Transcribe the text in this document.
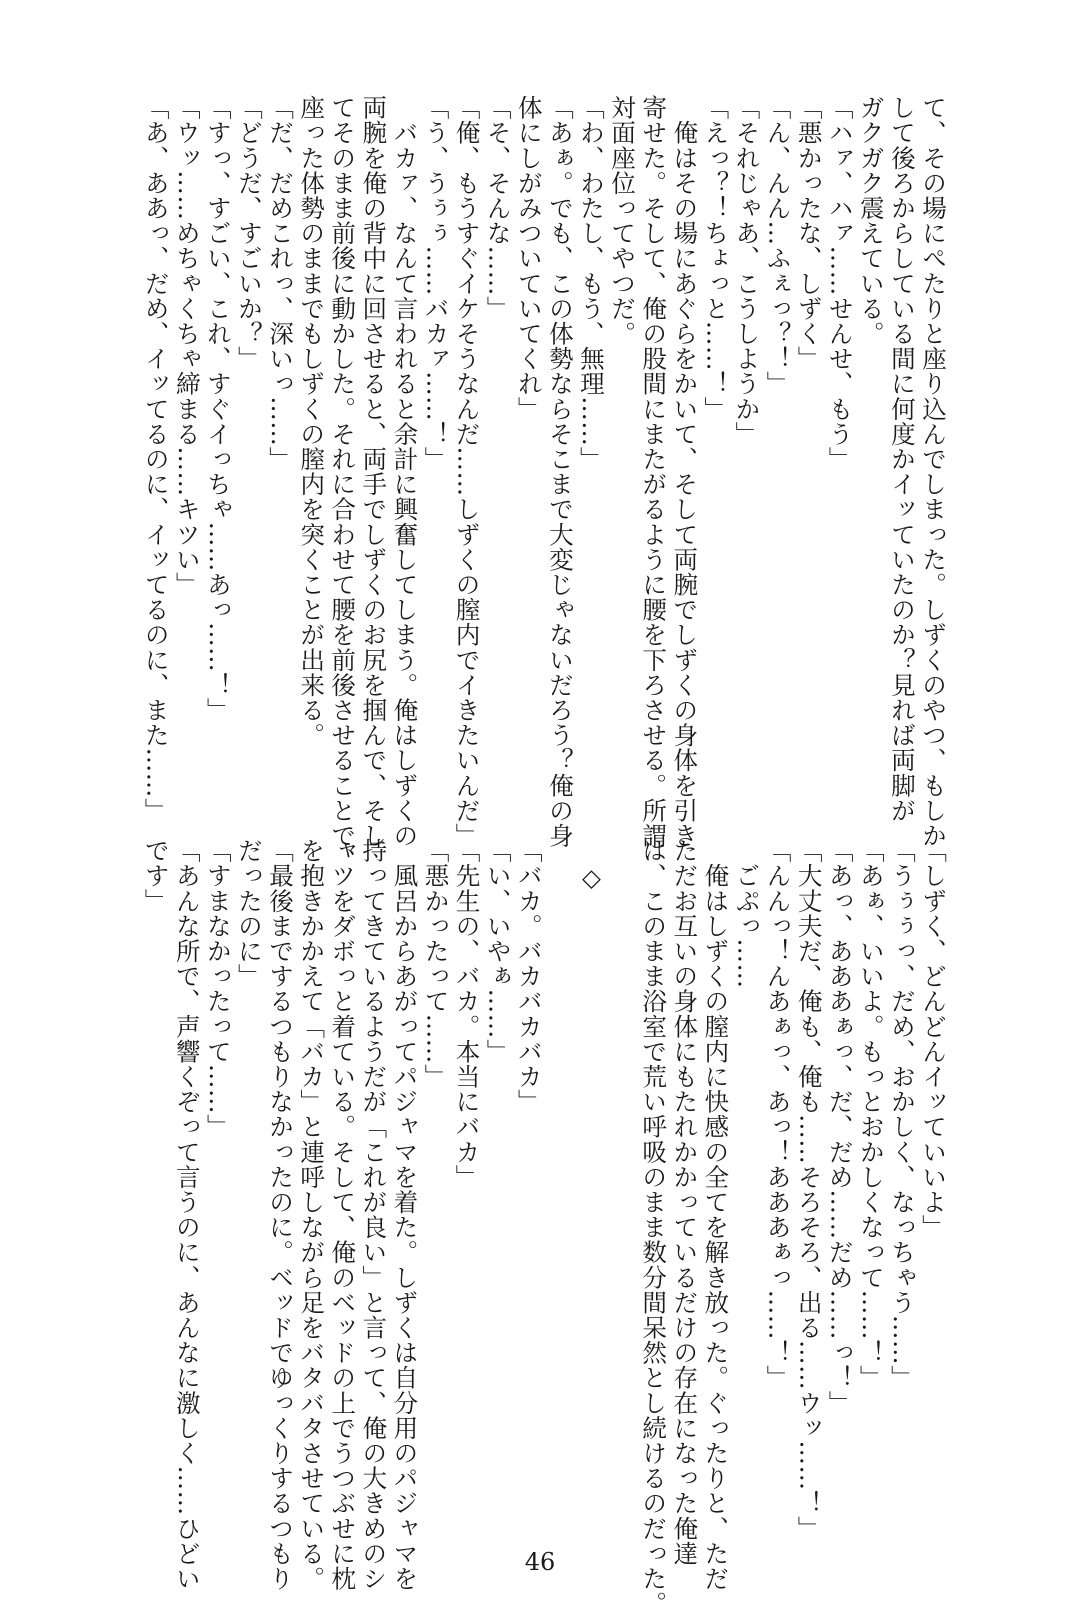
て、その場にぺたりと座り込んでしまった。しずくのやつ、もしか

して後ろからしている間に何度かイッていたのか？見れば両脚が

ガクガク震えている。

「ハァ、ハァ……せんせ、もう」

「悪かったな、しずく」

「ん、んん…ふぇっ？！」

「それじゃあ、こうしようか」

「えっ？！ちょっと……！」

　俺はその場にあぐらをかいて、そして両腕でしずくの身体を引き

寄せた。そして、俺の股間にまたがるように腰を下ろさせる。所謂

対面座位ってやつだ。

「わ、わたし、もう、無理……」

「あぁ。でも、この体勢ならそこまで大変じゃないだろう？俺の身

体にしがみついていてくれ」

「そ、そんな……」

「俺、もうすぐイケそうなんだ……しずくの膣内でイきたいんだ」

「う、うぅぅ……バカァ……！」

　バカァ、なんて言われると余計に興奮してしまう。俺はしずくの

両腕を俺の背中に回させると、両手でしずくのお尻を掴んで、そし

てそのまま前後に動かした。それに合わせて腰を前後させることで、

座った体勢のままでもしずくの膣内を突くことが出来る。

「だ、だめこれっ、深いっ……」

「どうだ、すごいか？」

「すっ、すごい、これ、すぐイっちゃ……あっ……！」

「ウッ……めちゃくちゃ締まる……キツい」

「あ、ああっ、だめ、イッてるのに、イッてるのに、また……」

「しずく、どんどんイッていいよ」

「うぅぅっ、だめ、おかしく、なっちゃう……」

「あぁ、いいよ。もっとおかしくなって……！」

「あっ、あああぁっ、だ、だめ……だめ……っ！」

「大丈夫だ、俺も、俺も……そろそろ、出る……ウッ……！」

「んんっ！んあぁっ、あっ！あああぁっ……！」

　ごぷっ……

　俺はしずくの膣内に快感の全てを解き放った。ぐったりと、ただ

ただお互いの身体にもたれかかっているだけの存在になった俺達

は、このまま浴室で荒い呼吸のまま数分間呆然とし続けるのだった。

　◇

「バカ。バカバカバカ」

「い、いやぁ……」

「先生の、バカ。本当にバカ」

「悪かったって……」

　風呂からあがってパジャマを着た。しずくは自分用のパジャマを

持ってきているようだが「これが良い」と言って、俺の大きめのシ

ャツをダボっと着ている。そして、俺のベッドの上でうつぶせに枕

を抱きかかえて「バカ」と連呼しながら足をバタバタさせている。

「最後までするつもりなかったのに。ベッドでゆっくりするつもり

だったのに」

「すまなかったって……」

「あんな所で、声響くぞって言うのに、あんなに激しく……ひどい

です」

46
